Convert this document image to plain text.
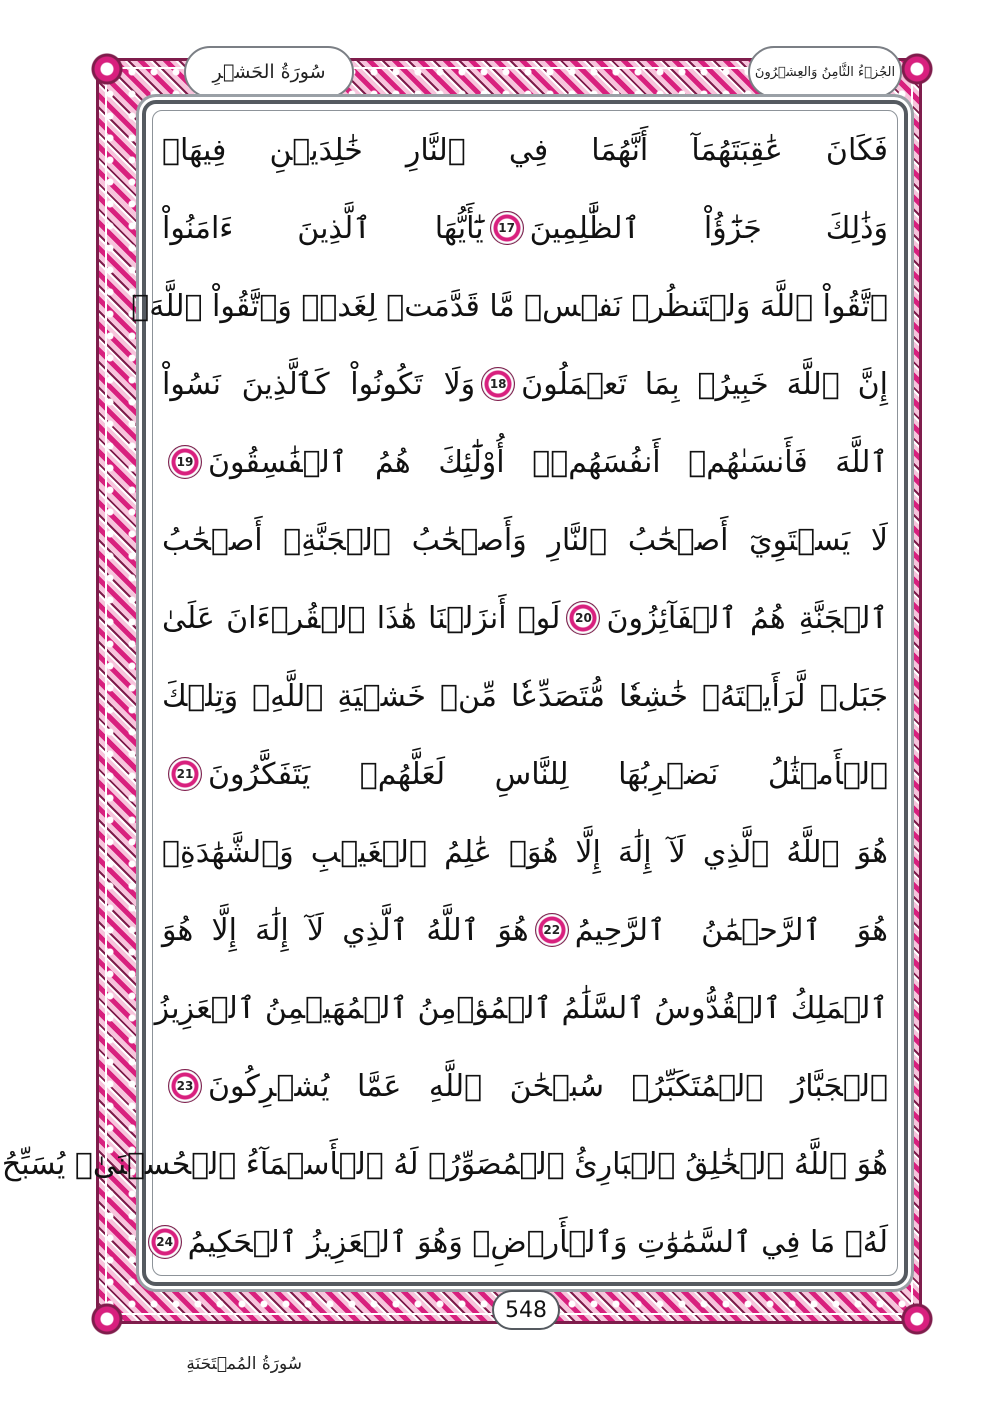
سُورَةُ الحَشۡرِ	الجُزۡءُ الثَّامِنُ وَالعِشۡرُونَ
فَكَانَ عَٰقِبَتَهُمَآ أَنَّهُمَا فِي ٱلنَّارِ خَٰلِدَيۡنِ فِيهَاۚ
وَذَٰلِكَ جَزَٰٓؤُاْ ٱلظَّٰلِمِينَ
17
يَٰٓأَيُّهَا ٱلَّذِينَ ءَامَنُواْ
ٱتَّقُواْ ٱللَّهَ وَلۡتَنظُرۡ نَفۡسٞ مَّا قَدَّمَتۡ لِغَدٖۖ وَٱتَّقُواْ ٱللَّهَۚ
إِنَّ ٱللَّهَ خَبِيرُۢ بِمَا تَعۡمَلُونَ
18
وَلَا تَكُونُواْ كَٱلَّذِينَ نَسُواْ
ٱللَّهَ فَأَنسَىٰهُمۡ أَنفُسَهُمۡۚ أُوْلَٰٓئِكَ هُمُ ٱلۡفَٰسِقُونَ
19
لَا يَسۡتَوِيٓ أَصۡحَٰبُ ٱلنَّارِ وَأَصۡحَٰبُ ٱلۡجَنَّةِۚ أَصۡحَٰبُ
ٱلۡجَنَّةِ هُمُ ٱلۡفَآئِزُونَ
20
لَوۡ أَنزَلۡنَا هَٰذَا ٱلۡقُرۡءَانَ عَلَىٰ
جَبَلٖ لَّرَأَيۡتَهُۥ خَٰشِعٗا مُّتَصَدِّعٗا مِّنۡ خَشۡيَةِ ٱللَّهِۚ وَتِلۡكَ
ٱلۡأَمۡثَٰلُ نَضۡرِبُهَا لِلنَّاسِ لَعَلَّهُمۡ يَتَفَكَّرُونَ
21
هُوَ ٱللَّهُ ٱلَّذِي لَآ إِلَٰهَ إِلَّا هُوَۖ عَٰلِمُ ٱلۡغَيۡبِ وَٱلشَّهَٰدَةِۖ
هُوَ ٱلرَّحۡمَٰنُ ٱلرَّحِيمُ
22
هُوَ ٱللَّهُ ٱلَّذِي لَآ إِلَٰهَ إِلَّا هُوَ
ٱلۡمَلِكُ ٱلۡقُدُّوسُ ٱلسَّلَٰمُ ٱلۡمُؤۡمِنُ ٱلۡمُهَيۡمِنُ ٱلۡعَزِيزُ
ٱلۡجَبَّارُ ٱلۡمُتَكَبِّرُۚ سُبۡحَٰنَ ٱللَّهِ عَمَّا يُشۡرِكُونَ
23
هُوَ ٱللَّهُ ٱلۡخَٰلِقُ ٱلۡبَارِئُ ٱلۡمُصَوِّرُۖ لَهُ ٱلۡأَسۡمَآءُ ٱلۡحُسۡنَىٰۚ يُسَبِّحُ
لَهُۥ مَا فِي ٱلسَّمَٰوَٰتِ وَٱلۡأَرۡضِۖ وَهُوَ ٱلۡعَزِيزُ ٱلۡحَكِيمُ
24
548
سُورَةُ المُمۡتَحَنَةِ
